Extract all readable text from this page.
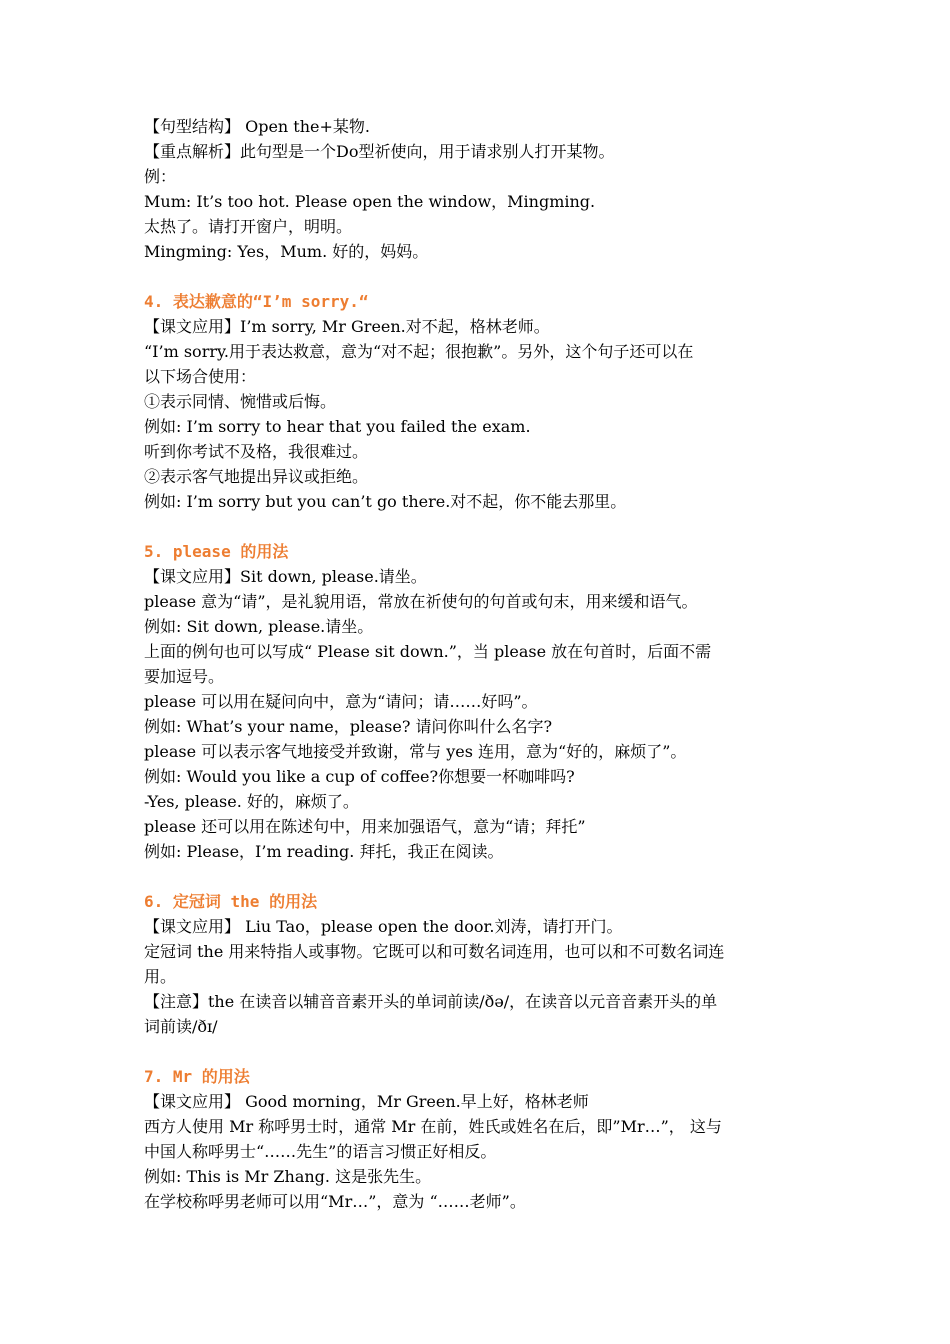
【句型结构】 Open the+某物.
【重点解析】此句型是一个Do型祈使向，用于请求别人打开某物。
例：
Mum: It’s too hot. Please open the window，Mingming.
太热了。请打开窗户，明明。
Mingming: Yes，Mum. 好的，妈妈。
4. 表达歉意的“I’m sorry.“
【课文应用】I’m sorry, Mr Green.对不起，格林老师。
“I’m sorry.用于表达救意，意为“对不起；很抱歉”。另外，这个句子还可以在
以下场合使用：
①表示同情、惋惜或后悔。
例如: I’m sorry to hear that you failed the exam.
听到你考试不及格，我很难过。
②表示客气地提出异议或拒绝。
例如: I’m sorry but you can’t go there.对不起，你不能去那里。
5. please 的用法
【课文应用】Sit down, please.请坐。
please 意为“请”，是礼貌用语，常放在祈使句的句首或句末，用来缓和语气。
例如: Sit down, please.请坐。
上面的例句也可以写成“ Please sit down.”，当 please 放在句首时，后面不需
要加逗号。
please 可以用在疑问向中，意为“请问；请……好吗”。
例如: What’s your name，please? 请问你叫什么名字?
please 可以表示客气地接受并致谢，常与 yes 连用，意为“好的，麻烦了”。
例如: Would you like a cup of coffee?你想要一杯咖啡吗?
-Yes, please. 好的，麻烦了。
please 还可以用在陈述句中，用来加强语气，意为“请；拜托”
例如: Please，I’m reading. 拜托，我正在阅读。
6. 定冠词 the 的用法
【课文应用】 Liu Tao，please open the door.刘涛，请打开门。
定冠词 the 用来特指人或事物。它既可以和可数名词连用，也可以和不可数名词连
用。
【注意】the 在读音以辅音音素开头的单词前读/ðə/，在读音以元音音素开头的单
词前读/ðɪ/
7. Mr 的用法
【课文应用】 Good morning，Mr Green.早上好，格林老师
西方人使用 Mr 称呼男士时，通常 Mr 在前，姓氏或姓名在后，即”Mr…”， 这与
中国人称呼男士“……先生”的语言习惯正好相反。
例如: This is Mr Zhang. 这是张先生。
在学校称呼男老师可以用“Mr…”，意为 “……老师”。
